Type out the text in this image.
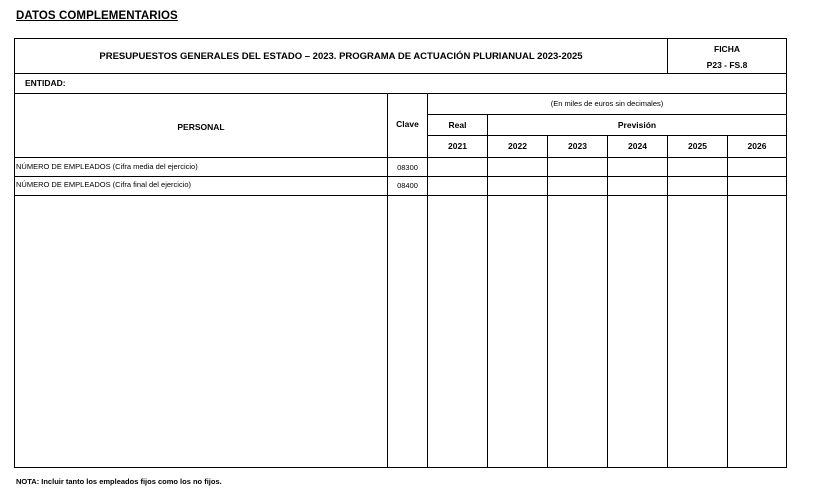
DATOS COMPLEMENTARIOS
PRESUPUESTOS GENERALES DEL ESTADO – 2023. PROGRAMA DE ACTUACIÓN PLURIANUAL 2023-2025
FICHA
P23 - FS.8
ENTIDAD:
PERSONAL	Clave
(En miles de euros sin decimales)
Real	Previsión
2021	2022	2023	2024	2025	2026
NÚMERO DE EMPLEADOS (Cifra media del ejercicio)	08300
NÚMERO DE EMPLEADOS (Cifra final del ejercicio)	08400
NOTA: Incluir tanto los empleados fijos como los no fijos.
